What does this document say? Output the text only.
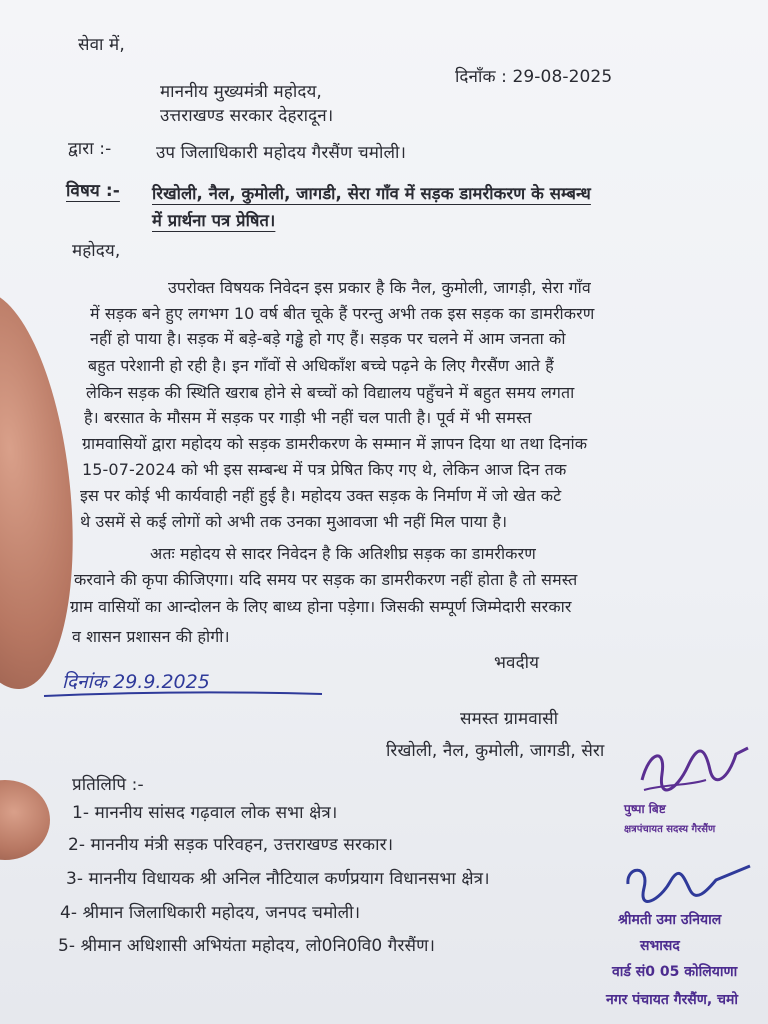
सेवा में,
माननीय मुख्यमंत्री महोदय,
उत्तराखण्ड सरकार देहरादून।
दिनाँक : 29-08-2025
द्वारा :-	उप जिलाधिकारी महोदय गैरसैंण चमोली।
विषय :- रिखोली, नैल, कुमोली, जागडी, सेरा गाँव में सड़क डामरीकरण के सम्बन्ध
में प्रार्थना पत्र प्रेषित।
महोदय,
उपरोक्त विषयक निवेदन इस प्रकार है कि नैल, कुमोली, जागड़ी, सेरा गाँव
में सड़क बने हुए लगभग 10 वर्ष बीत चूके हैं परन्तु अभी तक इस सड़क का डामरीकरण
नहीं हो पाया है। सड़क में बड़े-बड़े गड्ढे हो गए हैं। सड़क पर चलने में आम जनता को
बहुत परेशानी हो रही है। इन गाँवों से अधिकाँश बच्चे पढ़ने के लिए गैरसैंण आते हैं
लेकिन सड़क की स्थिति खराब होने से बच्चों को विद्यालय पहुँचने में बहुत समय लगता
है। बरसात के मौसम में सड़क पर गाड़ी भी नहीं चल पाती है। पूर्व में भी समस्त
ग्रामवासियों द्वारा महोदय को सड़क डामरीकरण के सम्मान में ज्ञापन दिया था तथा दिनांक
15-07-2024 को भी इस सम्बन्ध में पत्र प्रेषित किए गए थे, लेकिन आज दिन तक
इस पर कोई भी कार्यवाही नहीं हुई है। महोदय उक्त सड़क के निर्माण में जो खेत कटे
थे उसमें से कई लोगों को अभी तक उनका मुआवजा भी नहीं मिल पाया है।
अतः महोदय से सादर निवेदन है कि अतिशीघ्र सड़क का डामरीकरण
करवाने की कृपा कीजिएगा। यदि समय पर सड़क का डामरीकरण नहीं होता है तो समस्त
ग्राम वासियों का आन्दोलन के लिए बाध्य होना पड़ेगा। जिसकी सम्पूर्ण जिम्मेदारी सरकार
व शासन प्रशासन की होगी।
भवदीय
दिनांक 29.9.2025
समस्त ग्रामवासी
रिखोली, नैल, कुमोली, जागडी, सेरा
प्रतिलिपि :-
1- माननीय सांसद गढ़वाल लोक सभा क्षेत्र।
2- माननीय मंत्री सड़क परिवहन, उत्तराखण्ड सरकार।
3- माननीय विधायक श्री अनिल नौटियाल कर्णप्रयाग विधानसभा क्षेत्र।
4- श्रीमान जिलाधिकारी महोदय, जनपद चमोली।
5- श्रीमान अधिशासी अभियंता महोदय, लो0नि0वि0 गैरसैंण।
पुष्पा बिष्ट
क्षत्रपंचायत सदस्य गैरसैंण
श्रीमती उमा उनियाल
सभासद
वार्ड सं0 05 कोलियाणा
नगर पंचायत गैरसैंण, चमो
